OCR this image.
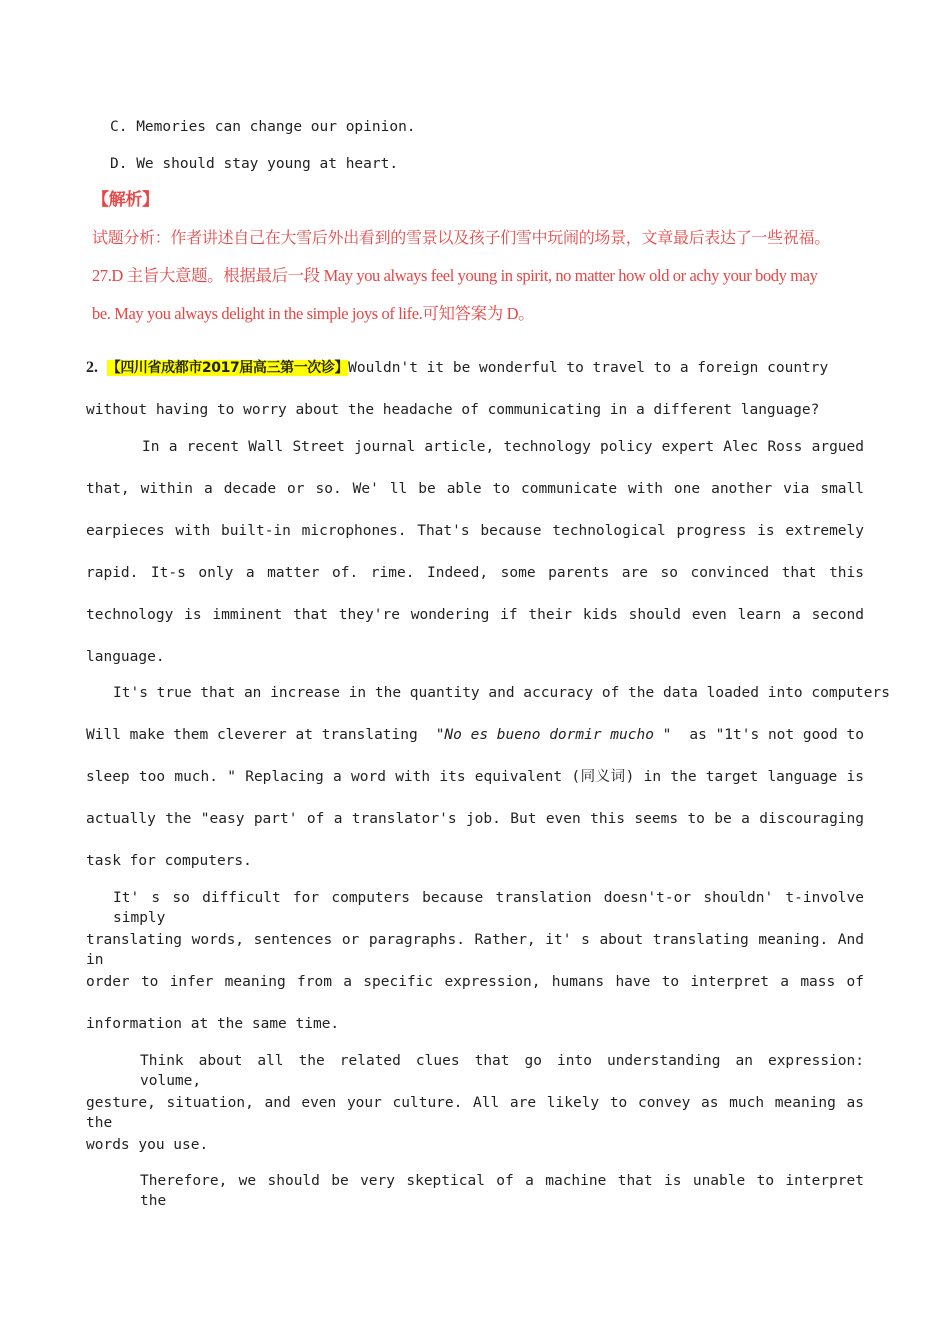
C. Memories can change our opinion.
D. We should stay young at heart.
【解析】
试题分析：作者讲述自己在大雪后外出看到的雪景以及孩子们雪中玩闹的场景，文章最后表达了一些祝福。
27.D 主旨大意题。根据最后一段 May you always feel young in spirit, no matter how old or achy your body may
be. May you always delight in the simple joys of life.可知答案为 D。
2. 【四川省成都市2017届高三第一次诊】Wouldn't it be wonderful to travel to a foreign country
without having to worry about the headache of communicating in a different language?
In a recent Wall Street journal article, technology policy expert Alec Ross argued
that, within a decade or so. We' ll be able to communicate with one another via small
earpieces with built-in microphones. That's because technological progress is extremely
rapid. It-s only a matter of. rime. Indeed, some parents are so convinced that this
technology is imminent that they're wondering if their kids should even learn a second
language.
It's true that an increase in the quantity and accuracy of the data loaded into computers
Will make them cleverer at translating "No es bueno dormir mucho " as "1t's not good to
sleep too much. " Replacing a word with its equivalent (同义词) in the target language is
actually the "easy part' of a translator's job. But even this seems to be a discouraging
task for computers.
It' s so difficult for computers because translation doesn't-or shouldn' t-involve simply
translating words, sentences or paragraphs. Rather, it' s about translating meaning. And in
order to infer meaning from a specific expression, humans have to interpret a mass of
information at the same time.
Think about all the related clues that go into understanding an expression: volume,
gesture, situation, and even your culture. All are likely to convey as much meaning as the
words you use.
Therefore, we should be very skeptical of a machine that is unable to interpret the
